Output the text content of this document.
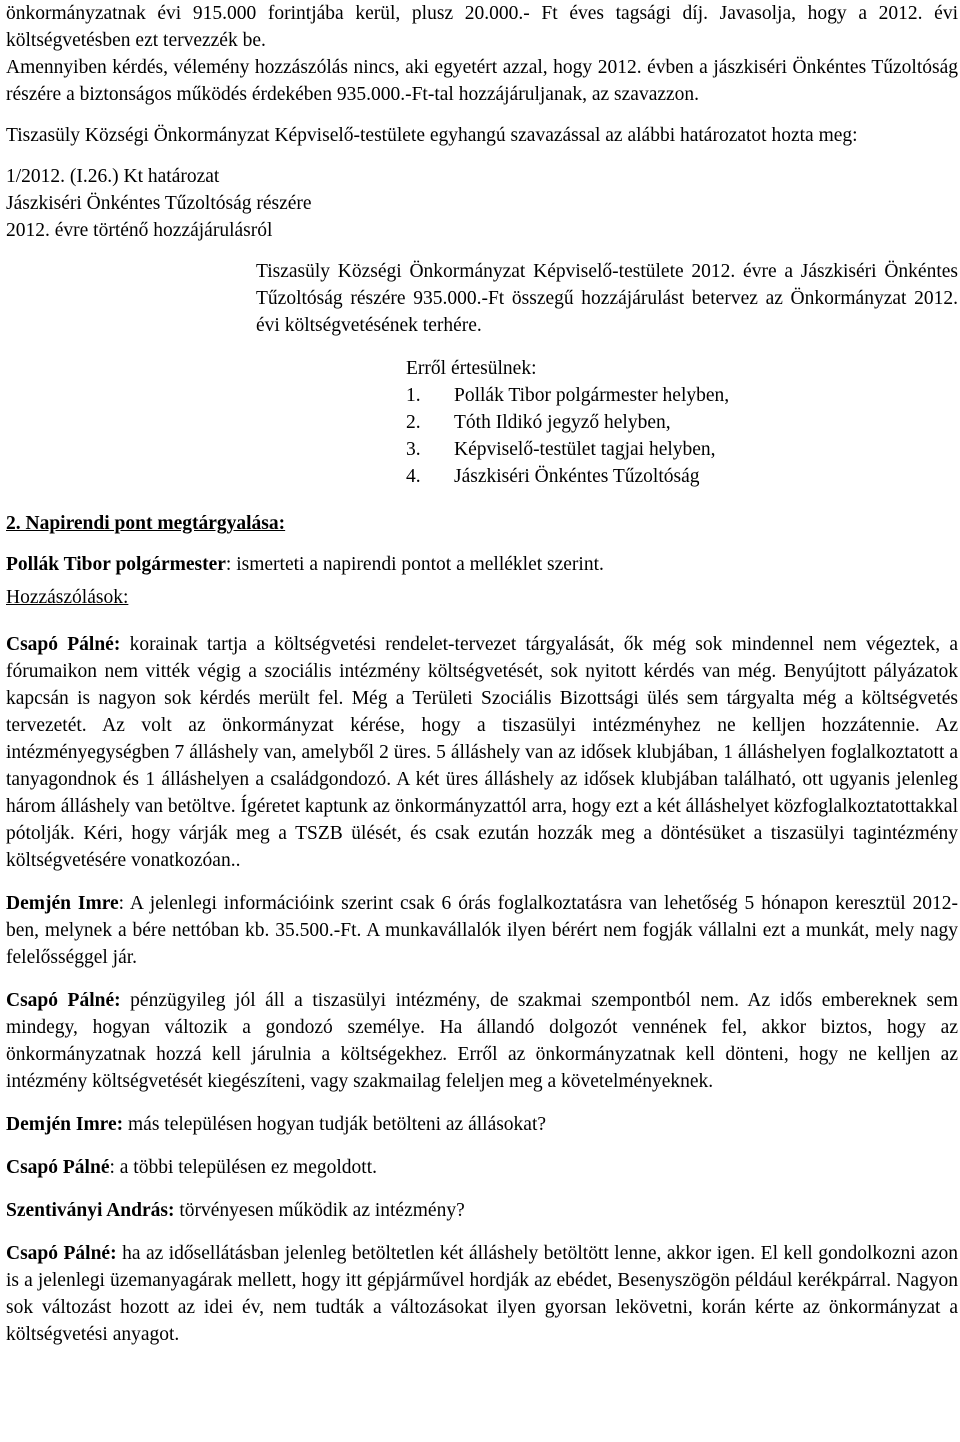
önkormányzatnak évi 915.000 forintjába kerül, plusz 20.000.- Ft éves tagsági díj. Javasolja, hogy a 2012. évi költségvetésben ezt tervezzék be.

Amennyiben kérdés, vélemény hozzászólás nincs, aki egyetért azzal, hogy 2012. évben a jászkiséri Önkéntes Tűzoltóság részére a biztonságos működés érdekében 935.000.-Ft-tal hozzájáruljanak, az szavazzon.

Tiszasüly Községi Önkormányzat Képviselő-testülete egyhangú szavazással az alábbi határozatot hozta meg:

1/2012. (I.26.) Kt határozat

Jászkiséri Önkéntes Tűzoltóság részére

2012. évre történő hozzájárulásról

Tiszasüly Községi Önkormányzat Képviselő-testülete 2012. évre a Jászkiséri Önkéntes Tűzoltóság részére 935.000.-Ft összegű hozzájárulást betervez az Önkormányzat 2012. évi költségvetésének terhére.

Erről értesülnek:

1.	Pollák Tibor polgármester helyben,
2.	Tóth Ildikó jegyző helyben,
3.	Képviselő-testület tagjai helyben,
4.	Jászkiséri Önkéntes Tűzoltóság

2. Napirendi pont megtárgyalása:

Pollák Tibor polgármester: ismerteti a napirendi pontot a melléklet szerint.

Hozzászólások:

Csapó Pálné: korainak tartja a költségvetési rendelet-tervezet tárgyalását, ők még sok mindennel nem végeztek, a fórumaikon nem vitték végig a szociális intézmény költségvetését, sok nyitott kérdés van még. Benyújtott pályázatok kapcsán is nagyon sok kérdés merült fel. Még a Területi Szociális Bizottsági ülés sem tárgyalta még a költségvetés tervezetét. Az volt az önkormányzat kérése, hogy a tiszasülyi intézményhez ne kelljen hozzátennie. Az intézményegységben 7 álláshely van, amelyből 2 üres. 5 álláshely van az idősek klubjában, 1 álláshelyen foglalkoztatott a tanyagondnok és 1 álláshelyen a családgondozó. A két üres álláshely az idősek klubjában található, ott ugyanis jelenleg három álláshely van betöltve. Ígéretet kaptunk az önkormányzattól arra, hogy ezt a két álláshelyet közfoglalkoztatottakkal pótolják. Kéri, hogy várják meg a TSZB ülését, és csak ezután hozzák meg a döntésüket a tiszasülyi tagintézmény költségvetésére vonatkozóan..

Demjén Imre: A jelenlegi információink szerint csak 6 órás foglalkoztatásra van lehetőség 5 hónapon keresztül 2012-ben, melynek a bére nettóban kb. 35.500.-Ft. A munkavállalók ilyen bérért nem fogják vállalni ezt a munkát, mely nagy felelősséggel jár.

Csapó Pálné: pénzügyileg jól áll a tiszasülyi intézmény, de szakmai szempontból nem. Az idős embereknek sem mindegy, hogyan változik a gondozó személye. Ha állandó dolgozót vennének fel, akkor biztos, hogy az önkormányzatnak hozzá kell járulnia a költségekhez. Erről az önkormányzatnak kell dönteni, hogy ne kelljen az intézmény költségvetését kiegészíteni, vagy szakmailag feleljen meg a követelményeknek.

Demjén Imre: más településen hogyan tudják betölteni az állásokat?

Csapó Pálné: a többi településen ez megoldott.

Szentiványi András: törvényesen működik az intézmény?

Csapó Pálné: ha az idősellátásban jelenleg betöltetlen két álláshely betöltött lenne, akkor igen. El kell gondolkozni azon is a jelenlegi üzemanyagárak mellett, hogy itt gépjárművel hordják az ebédet, Besenyszögön például kerékpárral. Nagyon sok változást hozott az idei év, nem tudták a változásokat ilyen gyorsan lekövetni, korán kérte az önkormányzat a költségvetési anyagot.
